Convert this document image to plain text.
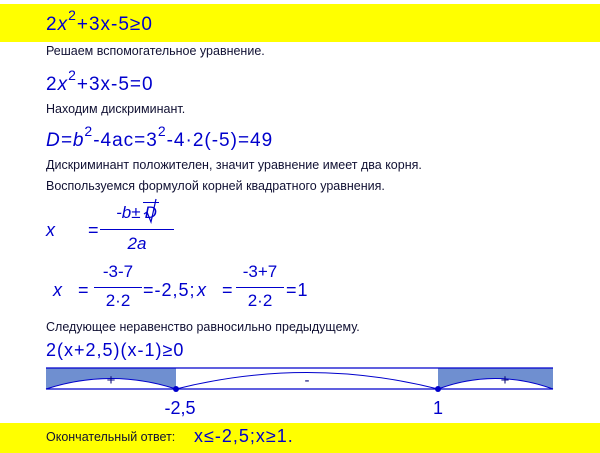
$2x^2+3x-5\ge 0$
Решаем вспомогательное уравнение.
$2x^2+3x-5=0$
Находим дискриминант.
$D=b^2-4ac=3^2-4\cdot 2(-5)=49$
Дискриминант положителен, значит уравнение имеет два корня.
Воспользуемся формулой корней квадратного уравнения.
x =
-b± D
2a
x =
-3-7
2·2
=-2,5; x =
-3+7
2·2
=1
Следующее неравенство равносильно предыдущему.
2(x+2,5)(x-1)≥0
+	-	+
-2,5	1
Окончательный ответ: x≤-2,5;x≥1.
